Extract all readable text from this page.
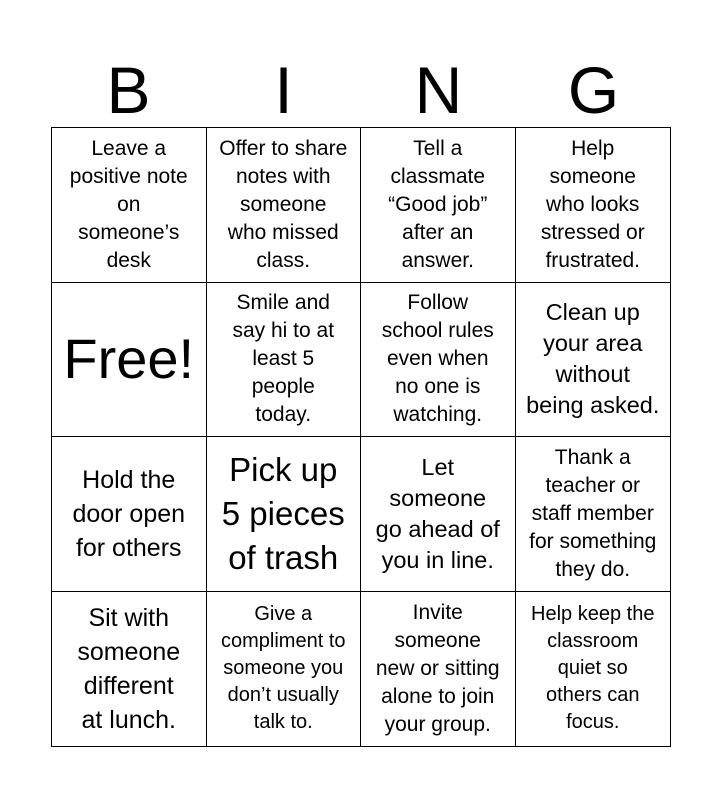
B	I	N	G
Leave a
positive note
on
someone’s
desk
Offer to share
notes with
someone
who missed
class.
Tell a
classmate
“Good job”
after an
answer.
Help
someone
who looks
stressed or
frustrated.
Free!
Smile and
say hi to at
least 5
people
today.
Follow
school rules
even when
no one is
watching.
Clean up
your area
without
being asked.
Hold the
door open
for others
Pick up
5 pieces
of trash
Let
someone
go ahead of
you in line.
Thank a
teacher or
staff member
for something
they do.
Sit with
someone
different
at lunch.
Give a
compliment to
someone you
don’t usually
talk to.
Invite
someone
new or sitting
alone to join
your group.
Help keep the
classroom
quiet so
others can
focus.
